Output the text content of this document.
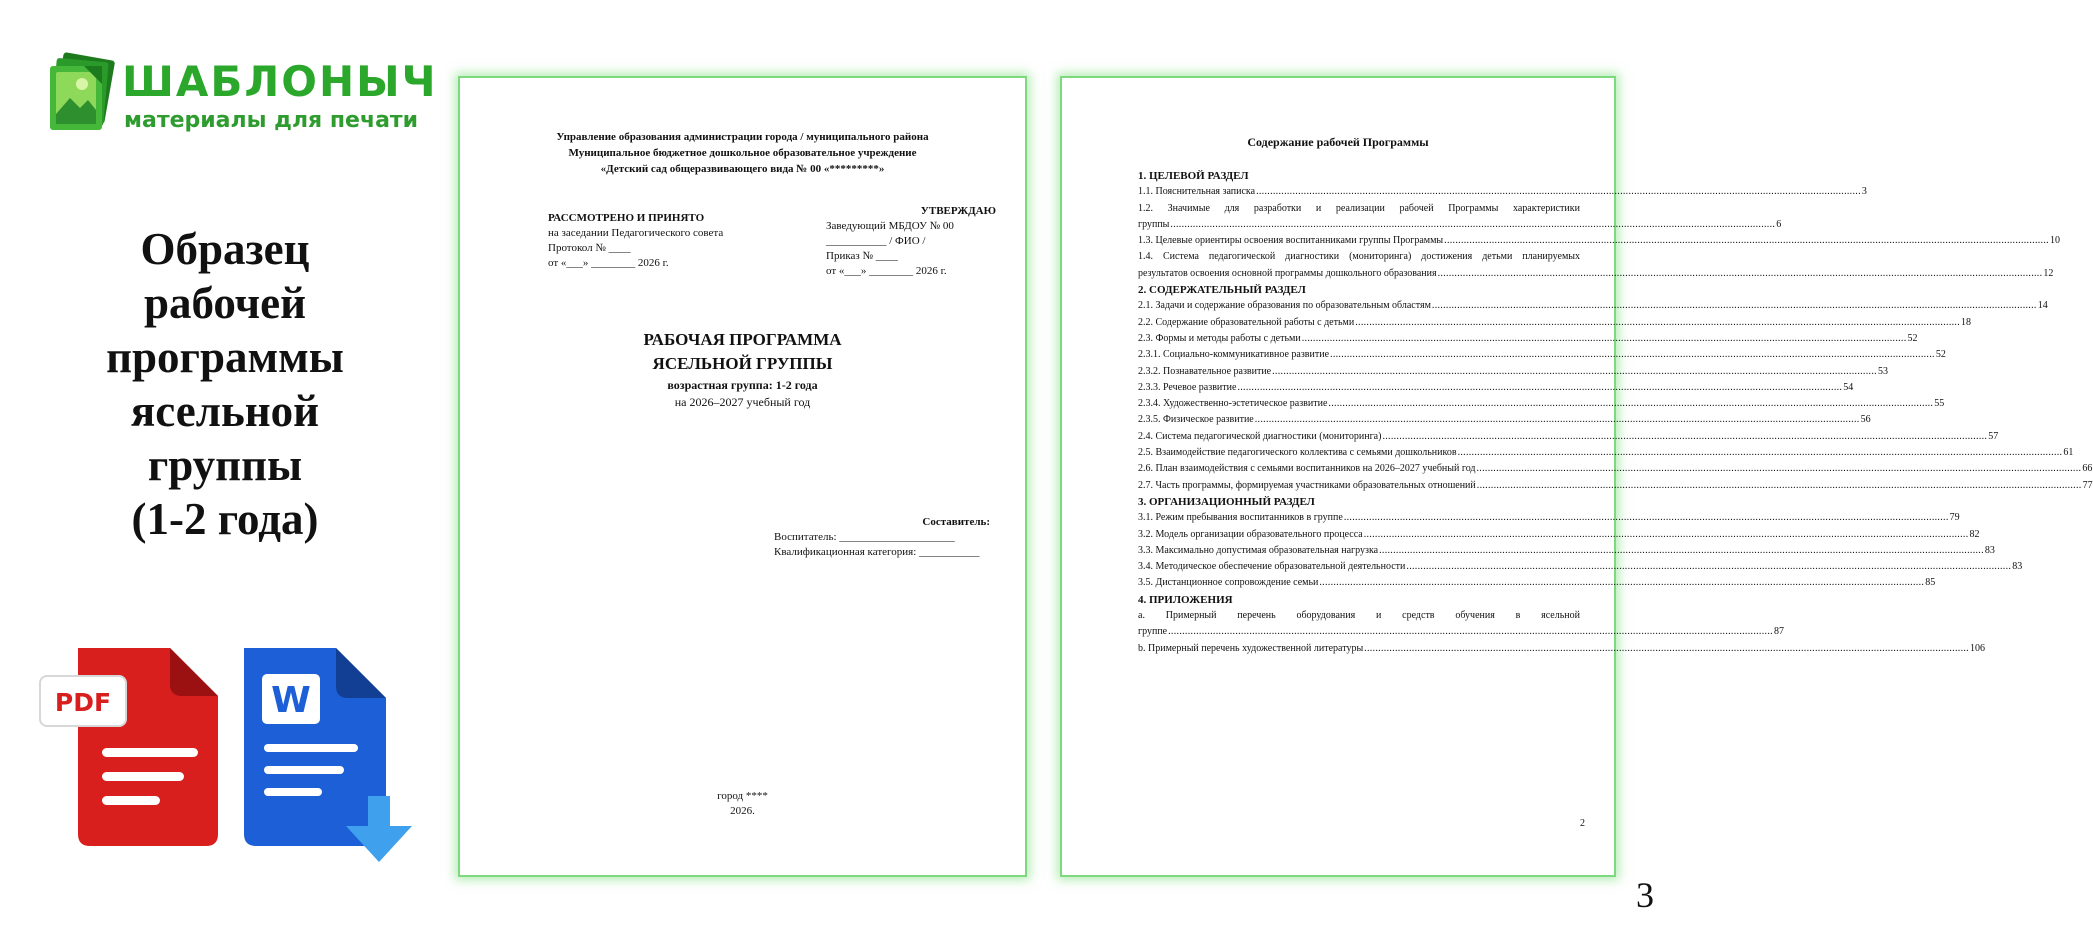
ШАБЛОНЫЧ
материалы для печати
Образец
рабочей
программы
ясельной
группы
(1-2 года)
PDF	W
Управление образования администрации города / муниципального района
Муниципальное бюджетное дошкольное образовательное учреждение
«Детский сад общеразвивающего вида № 00 «*********»
РАССМОТРЕНО И ПРИНЯТО
на заседании Педагогического совета
Протокол № ____
от «___» ________ 2026 г.
УТВЕРЖДАЮ
Заведующий МБДОУ № 00
___________ / ФИО /
Приказ № ____
от «___» ________ 2026 г.
РАБОЧАЯ ПРОГРАММА
ЯСЕЛЬНОЙ ГРУППЫ
возрастная группа: 1-2 года
на 2026–2027 учебный год
Составитель:
Воспитатель: _____________________
Квалификационная категория: ___________
город ****
2026.
Содержание рабочей Программы
1. ЦЕЛЕВОЙ РАЗДЕЛ
1.1. Пояснительная записка .....	3
1.2. Значимые для разработки и реализации рабочей Программы характеристики
группы .....	6
1.3. Целевые ориентиры освоения воспитанниками группы Программы .....	10
1.4. Система педагогической диагностики (мониторинга) достижения детьми планируемых
результатов освоения основной программы дошкольного образования .....	12
2. СОДЕРЖАТЕЛЬНЫЙ РАЗДЕЛ
2.1. Задачи и содержание образования по образовательным областям .....	14
2.2. Содержание образовательной работы с детьми .....	18
2.3. Формы и методы работы с детьми .....	52
2.3.1. Социально-коммуникативное развитие .....	52
2.3.2. Познавательное развитие .....	53
2.3.3. Речевое развитие .....	54
2.3.4. Художественно-эстетическое развитие .....	55
2.3.5. Физическое развитие .....	56
2.4. Система педагогической диагностики (мониторинга) .....	57
2.5. Взаимодействие педагогического коллектива с семьями дошкольников .....	61
2.6. План взаимодействия с семьями воспитанников на 2026–2027 учебный год .....	66
2.7. Часть программы, формируемая участниками образовательных отношений .....	77
3. ОРГАНИЗАЦИОННЫЙ РАЗДЕЛ
3.1. Режим пребывания воспитанников в группе .....	79
3.2. Модель организации образовательного процесса .....	82
3.3. Максимально допустимая образовательная нагрузка .....	83
3.4. Методическое обеспечение образовательной деятельности .....	83
3.5. Дистанционное сопровождение семьи .....	85
4. ПРИЛОЖЕНИЯ
a. Примерный перечень оборудования и средств обучения в ясельной
группе .....	87
b. Примерный перечень художественной литературы .....	106
2
3
